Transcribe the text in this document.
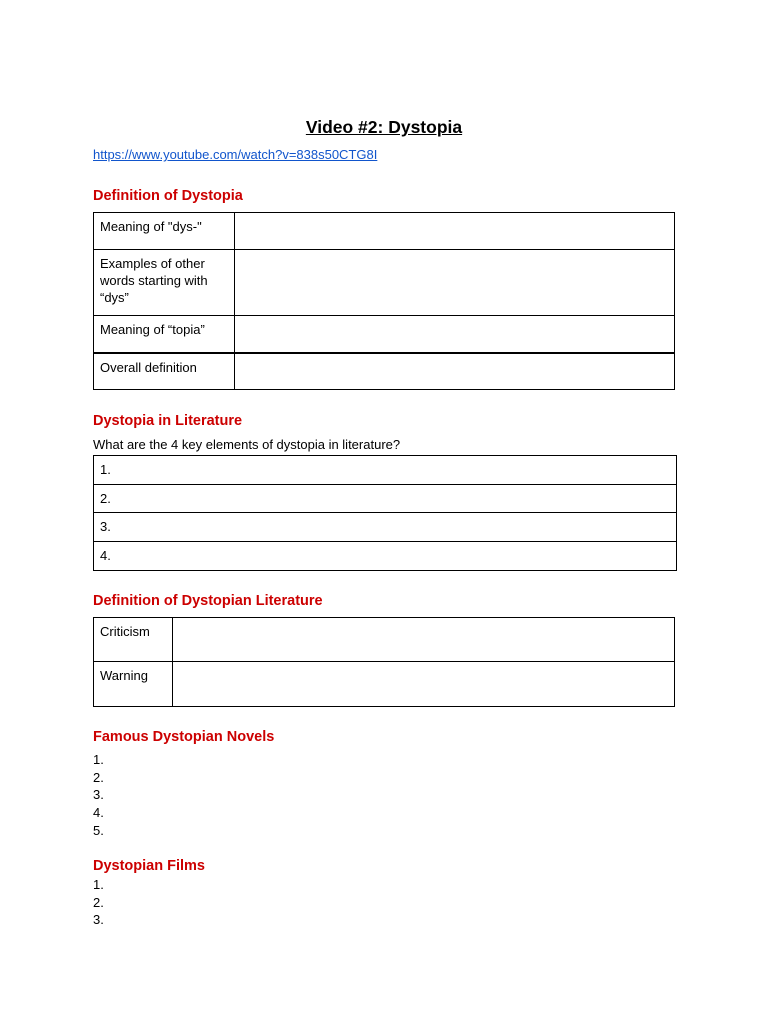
Video #2: Dystopia
https://www.youtube.com/watch?v=838s50CTG8I
Definition of Dystopia
Meaning of "dys-"	
Examples of other words starting with “dys”	
Meaning of “topia”	
Overall definition	
Dystopia in Literature
What are the 4 key elements of dystopia in literature?
1.
2.
3.
4.
Definition of Dystopian Literature
Criticism	
Warning	
Famous Dystopian Novels
1.
2.
3.
4.
5.
Dystopian Films
1.
2.
3.
